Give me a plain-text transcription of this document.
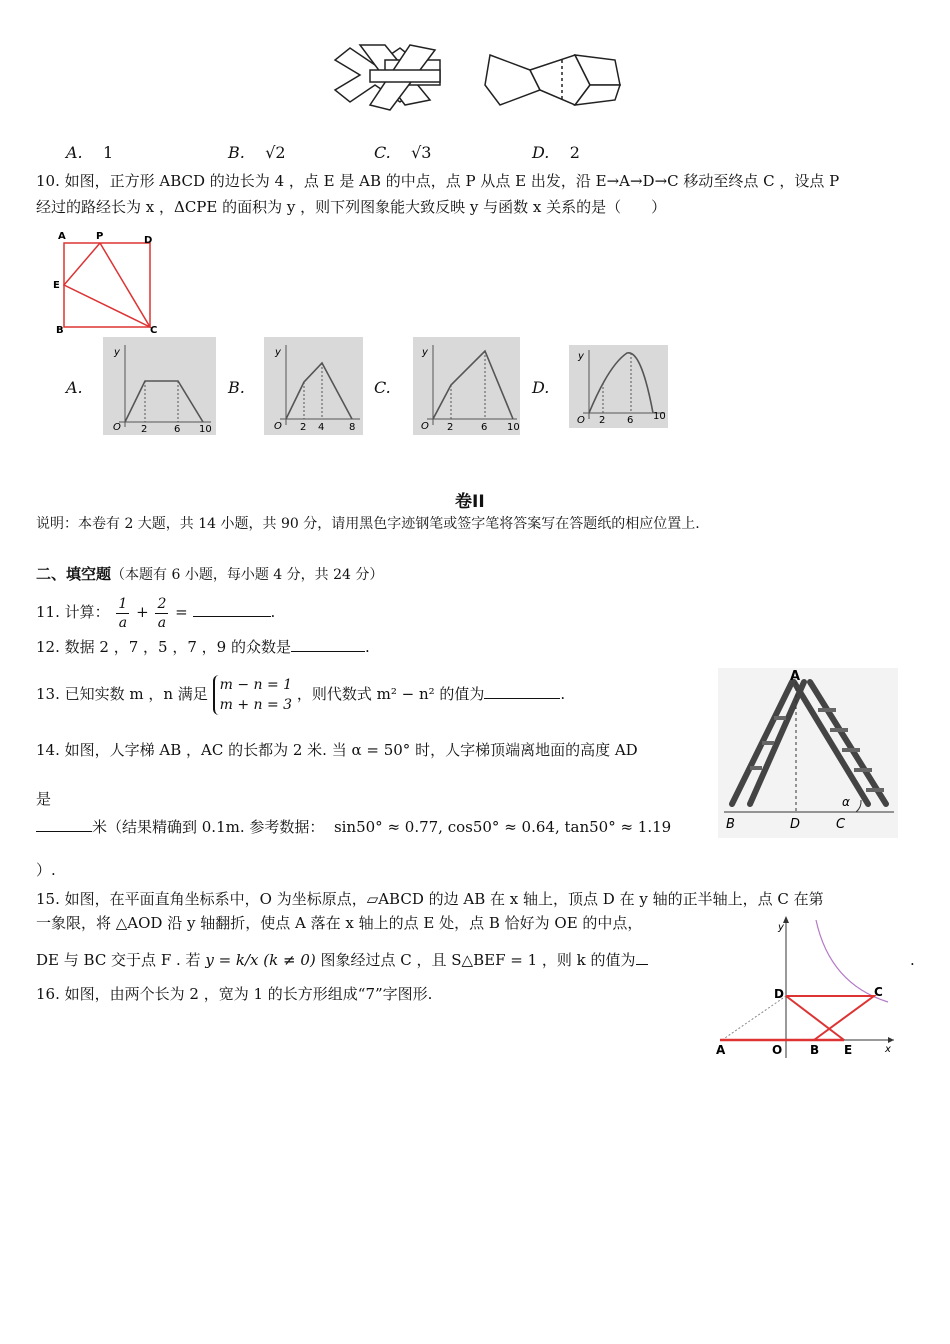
A. 1	B. √2	C. √3	D. 2
10. 如图，正方形 ABCD 的边长为 4 ，点 E 是 AB 的中点，点 P 从点 E 出发，沿 E→A→D→C 移动至终点 C ，设点 P
经过的路经长为 x ，ΔCPE 的面积为 y ，则下列图象能大致反映 y 与函数 x 关系的是（　　）
A	P	D
E
B	C
A.
y
O 2	6 10
B.
y
O 2 4 8
C.
y
O 2	6 10
D.
y
O 2 6 10
卷II
说明：本卷有 2 大题，共 14 小题，共 90 分，请用黑色字迹钢笔或签字笔将答案写在答题纸的相应位置上.
二、填空题（本题有 6 小题，每小题 4 分，共 24 分）
11. 计算： $\frac{1}{a} + \frac{2}{a}$ =	.
12. 数据 2 ，7 ，5 ，7 ，9 的众数是	.
13. 已知实数 m ，n 满足 m − n = 1
m + n = 3
，则代数式 m² − n² 的值为	.
14. 如图，人字梯 AB ，AC 的长都为 2 米. 当 α = 50° 时，人字梯顶端离地面的高度 AD
是
米（结果精确到 0.1m. 参考数据： sin50° ≈ 0.77, cos50° ≈ 0.64, tan50° ≈ 1.19
）.
A
B	D	C
α
15. 如图，在平面直角坐标系中，O 为坐标原点，▱ABCD 的边 AB 在 x 轴上，顶点 D 在 y 轴的正半轴上，点 C 在第
一象限，将 △AOD 沿 y 轴翻折，使点 A 落在 x 轴上的点 E 处，点 B 恰好为 OE 的中点，
DE 与 BC 交于点 F . 若 y = k/x (k ≠ 0) 图象经过点 C ，且 S△BEF = 1 ，则 k 的值为	.
y
x
D	C
A	O B E
16. 如图，由两个长为 2 ，宽为 1 的长方形组成“7”字图形.
